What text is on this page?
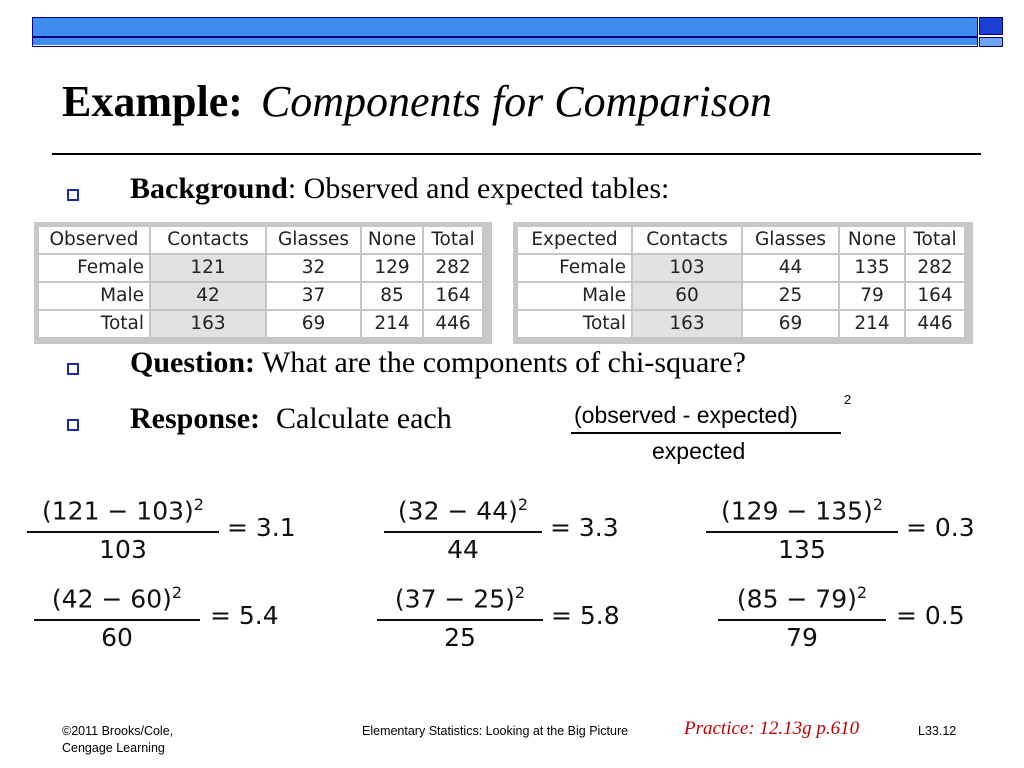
Example: Components for Comparison
Background: Observed and expected tables:
Observed	Contacts	Glasses	None	Total
Female	121	32	129	282
Male	42	37	85	164
Total	163	69	214	446
Expected	Contacts	Glasses	None	Total
Female	103	44	135	282
Male	60	25	79	164
Total	163	69	214	446
Question: What are the components of chi-square?
Response: Calculate each	(observed - expected)
2
expected
$(121 - 103)^2$
103
= 3.1
$(32 - 44)^2$
44
= 3.3
$(129 - 135)^2$
135
= 0.3
$(42 - 60)^2$
60
= 5.4
$(37 - 25)^2$
25
= 5.8
$(85 - 79)^2$
79
= 0.5
©2011 Brooks/Cole,
Cengage Learning
Elementary Statistics: Looking at the Big Picture	Practice: 12.13g p.610	L33.12
